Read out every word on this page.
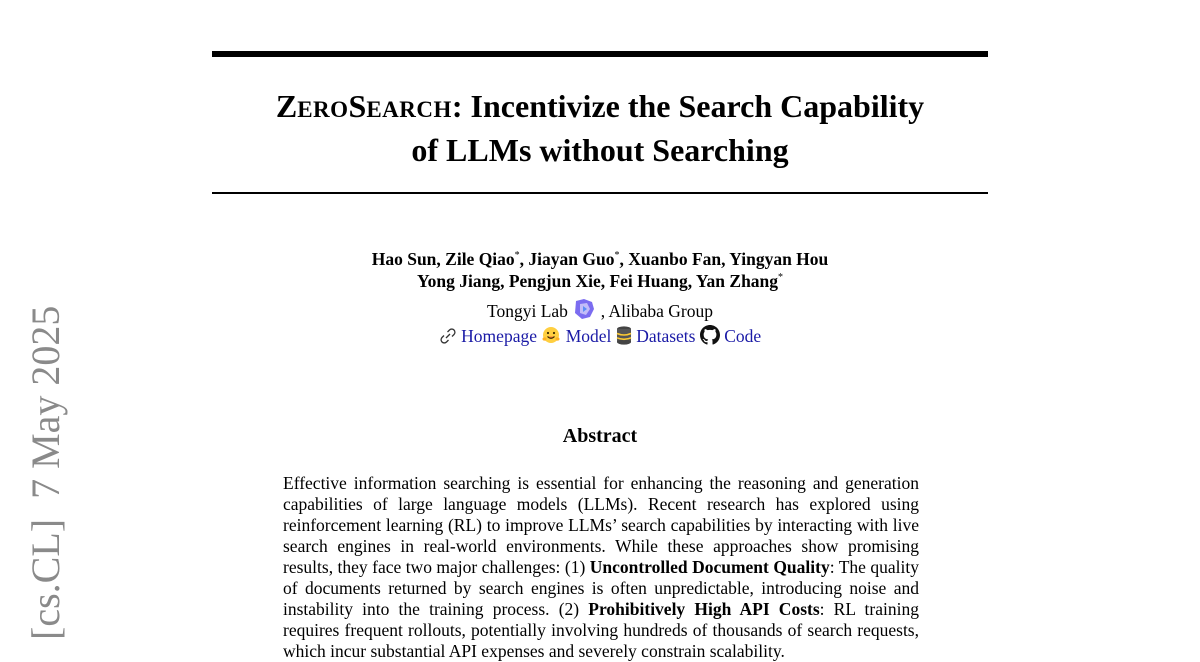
ZEROSEARCH: Incentivize the Search Capability
of LLMs without Searching
Hao Sun, Zile Qiao*, Jiayan Guo*, Xuanbo Fan, Yingyan Hou
Yong Jiang, Pengjun Xie, Fei Huang, Yan Zhang*
Tongyi Lab  , Alibaba Group
Homepage Model Datasets Code
Abstract

Effective information searching is essential for enhancing the reasoning and generation capabilities of large language models (LLMs). Recent research has explored using reinforcement learning (RL) to improve LLMs’ search capabilities by interacting with live search engines in real-world environments. While these approaches show promising results, they face two major challenges: (1) Uncontrolled Document Quality: The quality of documents returned by search engines is often unpredictable, introducing noise and instability into the training process. (2) Prohibitively High API Costs: RL training requires frequent rollouts, potentially involving hundreds of thousands of search requests, which incur substantial API expenses and severely constrain scalability.

[cs.CL]  7 May 2025
